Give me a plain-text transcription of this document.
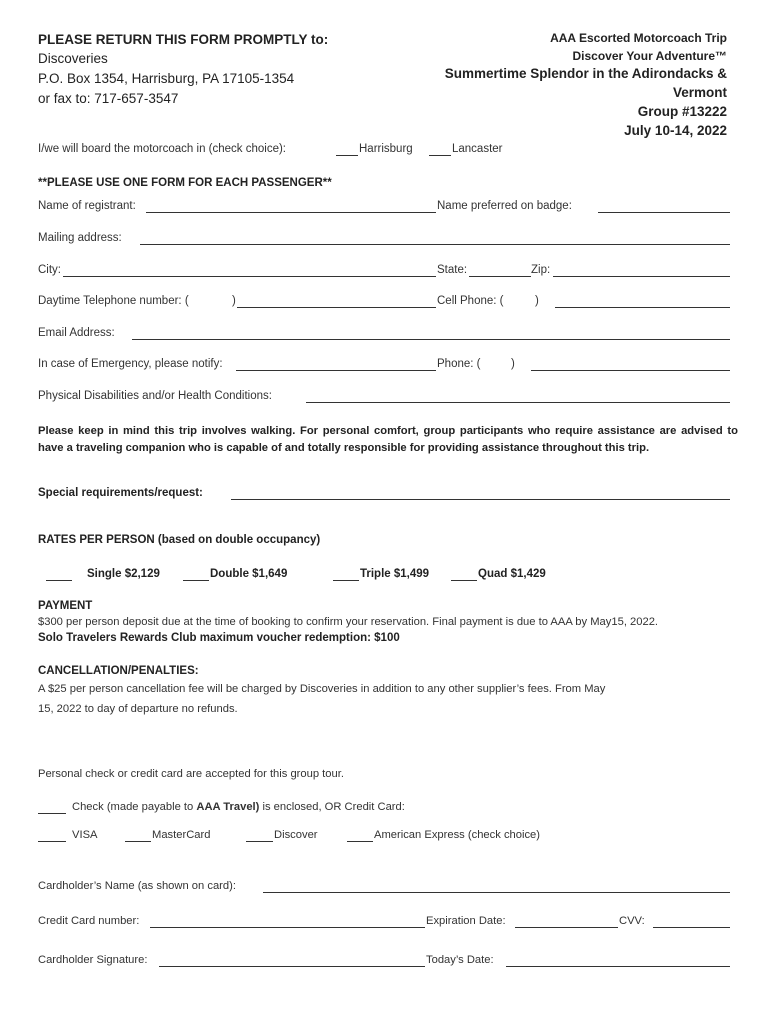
PLEASE RETURN THIS FORM PROMPTLY to:
Discoveries
P.O. Box 1354, Harrisburg, PA 17105-1354
or fax to: 717-657-3547
AAA Escorted Motorcoach Trip
Discover Your Adventure™
Summertime Splendor in the Adirondacks &
Vermont
Group #13222
July 10-14, 2022
I/we will board the motorcoach in (check choice):	Harrisburg	Lancaster
**PLEASE USE ONE FORM FOR EACH PASSENGER**
Name of registrant:	Name preferred on badge:
Mailing address:
City:	State:	Zip:
Daytime Telephone number: (	)	Cell Phone: (	)
Email Address:
In case of Emergency, please notify:	Phone: (	)
Physical Disabilities and/or Health Conditions:
Please keep in mind this trip involves walking. For personal comfort, group participants who require assistance are advised to have a traveling companion who is capable of and totally responsible for providing assistance throughout this trip.
Special requirements/request:
RATES PER PERSON (based on double occupancy)
Single $2,129	Double $1,649	Triple $1,499	Quad $1,429
PAYMENT
$300 per person deposit due at the time of booking to confirm your reservation. Final payment is due to AAA by May15, 2022.
Solo Travelers Rewards Club maximum voucher redemption: $100
CANCELLATION/PENALTIES:
A $25 per person cancellation fee will be charged by Discoveries in addition to any other supplier’s fees. From May
15, 2022 to day of departure no refunds.
Personal check or credit card are accepted for this group tour.
Check (made payable to AAA Travel) is enclosed, OR Credit Card:
VISA	MasterCard	Discover	American Express (check choice)
Cardholder’s Name (as shown on card):
Credit Card number:	Expiration Date:	CVV:
Cardholder Signature:	Today’s Date:
